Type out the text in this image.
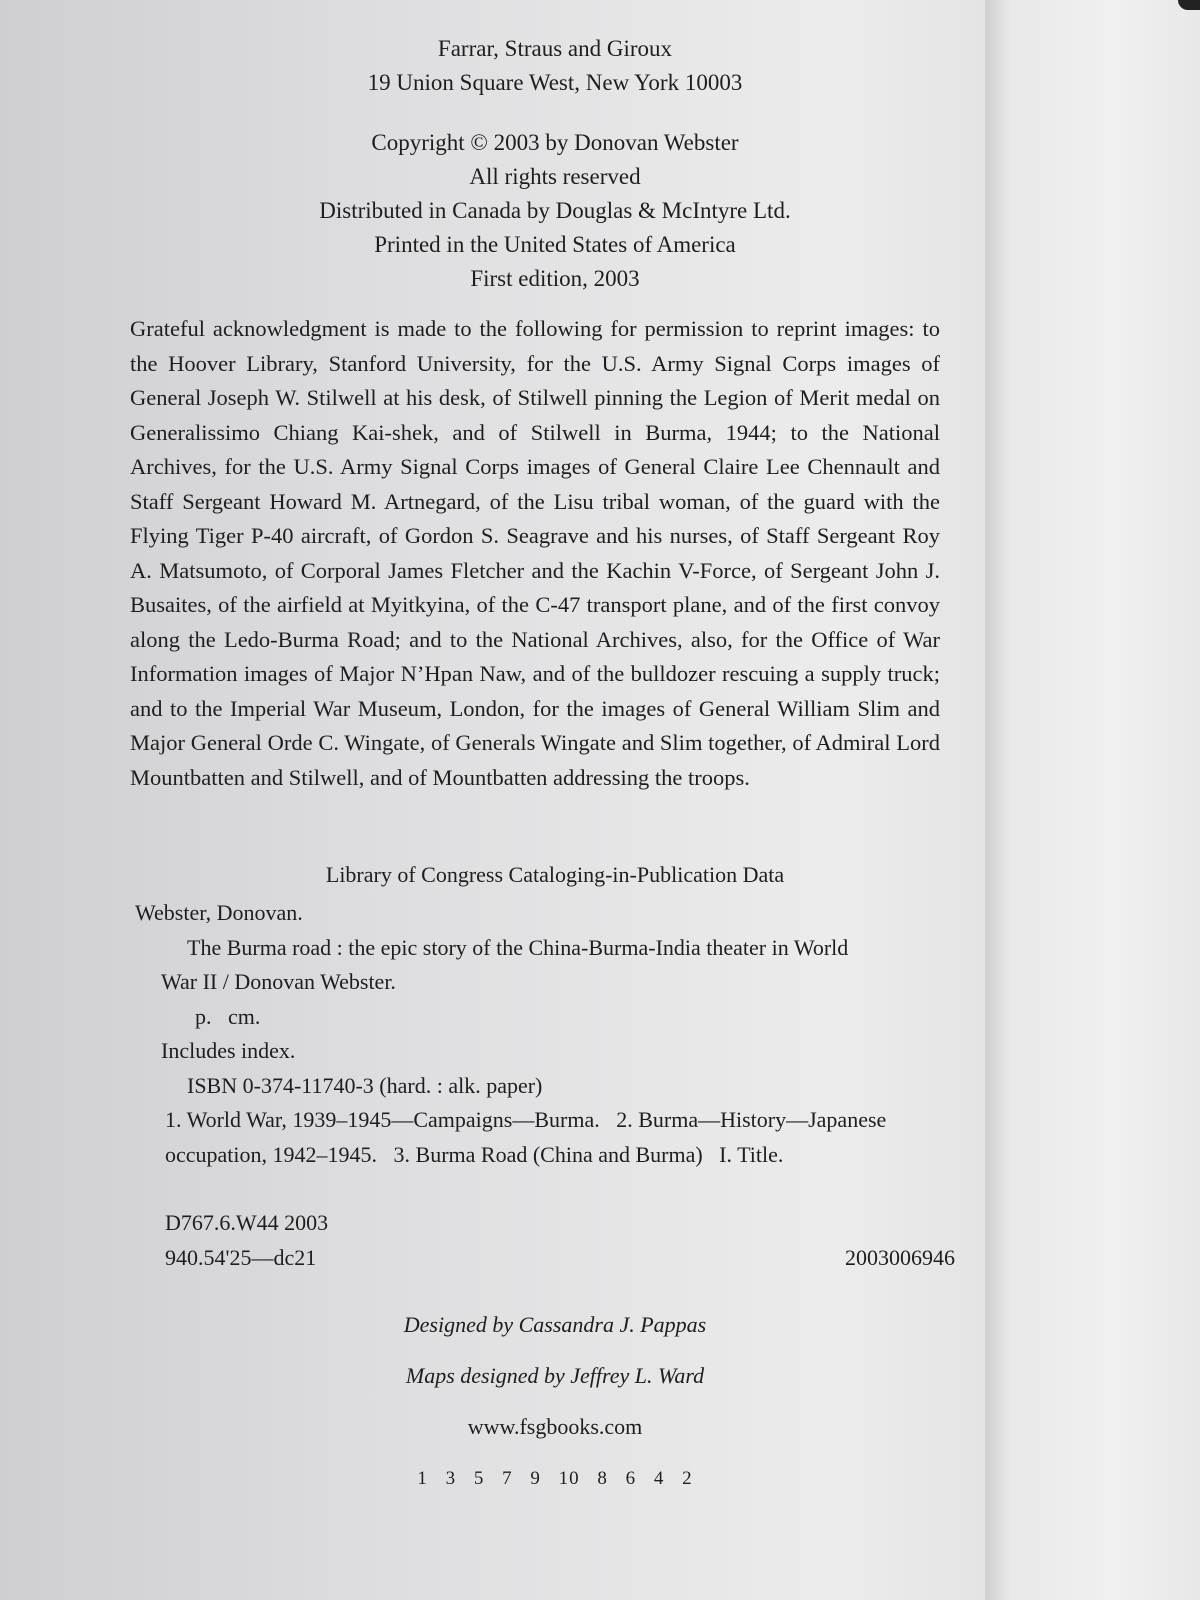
Farrar, Straus and Giroux

19 Union Square West, New York 10003

Copyright © 2003 by Donovan Webster

All rights reserved

Distributed in Canada by Douglas & McIntyre Ltd.

Printed in the United States of America

First edition, 2003

Grateful acknowledgment is made to the following for permission to reprint images: to the Hoover Library, Stanford University, for the U.S. Army Signal Corps images of General Joseph W. Stilwell at his desk, of Stilwell pinning the Legion of Merit medal on Generalissimo Chiang Kai-shek, and of Stilwell in Burma, 1944; to the National Archives, for the U.S. Army Signal Corps images of General Claire Lee Chennault and Staff Sergeant Howard M. Artnegard, of the Lisu tribal woman, of the guard with the Flying Tiger P-40 aircraft, of Gordon S. Seagrave and his nurses, of Staff Sergeant Roy A. Matsumoto, of Corporal James Fletcher and the Kachin V-Force, of Sergeant John J. Busaites, of the airfield at Myitkyina, of the C-47 transport plane, and of the first convoy along the Ledo-Burma Road; and to the National Archives, also, for the Office of War Information images of Major N’Hpan Naw, and of the bulldozer rescuing a supply truck; and to the Imperial War Museum, London, for the images of General William Slim and Major General Orde C. Wingate, of Generals Wingate and Slim together, of Admiral Lord Mountbatten and Stilwell, and of Mountbatten addressing the troops.
Library of Congress Cataloging-in-Publication Data

Webster, Donovan.

The Burma road : the epic story of the China-Burma-India theater in World

War II / Donovan Webster.

p.   cm.

Includes index.

ISBN 0-374-11740-3 (hard. : alk. paper)

1. World War, 1939–1945—Campaigns—Burma.   2. Burma—History—Japanese

occupation, 1942–1945.   3. Burma Road (China and Burma)   I. Title.

D767.6.W44 2003

940.54'25—dc21	2003006946

Designed by Cassandra J. Pappas

Maps designed by Jeffrey L. Ward

www.fsgbooks.com

1 3 5 7 9 10 8 6 4 2
